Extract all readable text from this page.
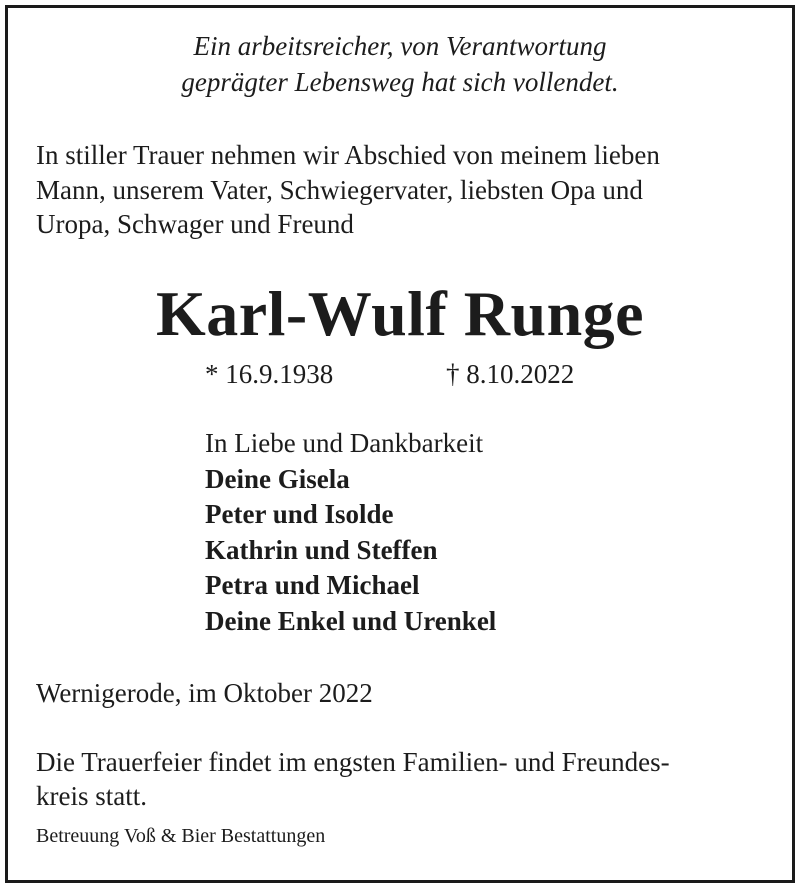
Ein arbeitsreicher, von Verantwortung
geprägter Lebensweg hat sich vollendet.
In stiller Trauer nehmen wir Abschied von meinem lieben
Mann, unserem Vater, Schwiegervater, liebsten Opa und
Uropa, Schwager und Freund
Karl-Wulf Runge
* 16.9.1938	† 8.10.2022
In Liebe und Dankbarkeit
Deine Gisela
Peter und Isolde
Kathrin und Steffen
Petra und Michael
Deine Enkel und Urenkel
Wernigerode, im Oktober 2022
Die Trauerfeier findet im engsten Familien- und Freundes-
kreis statt.
Betreuung Voß & Bier Bestattungen
